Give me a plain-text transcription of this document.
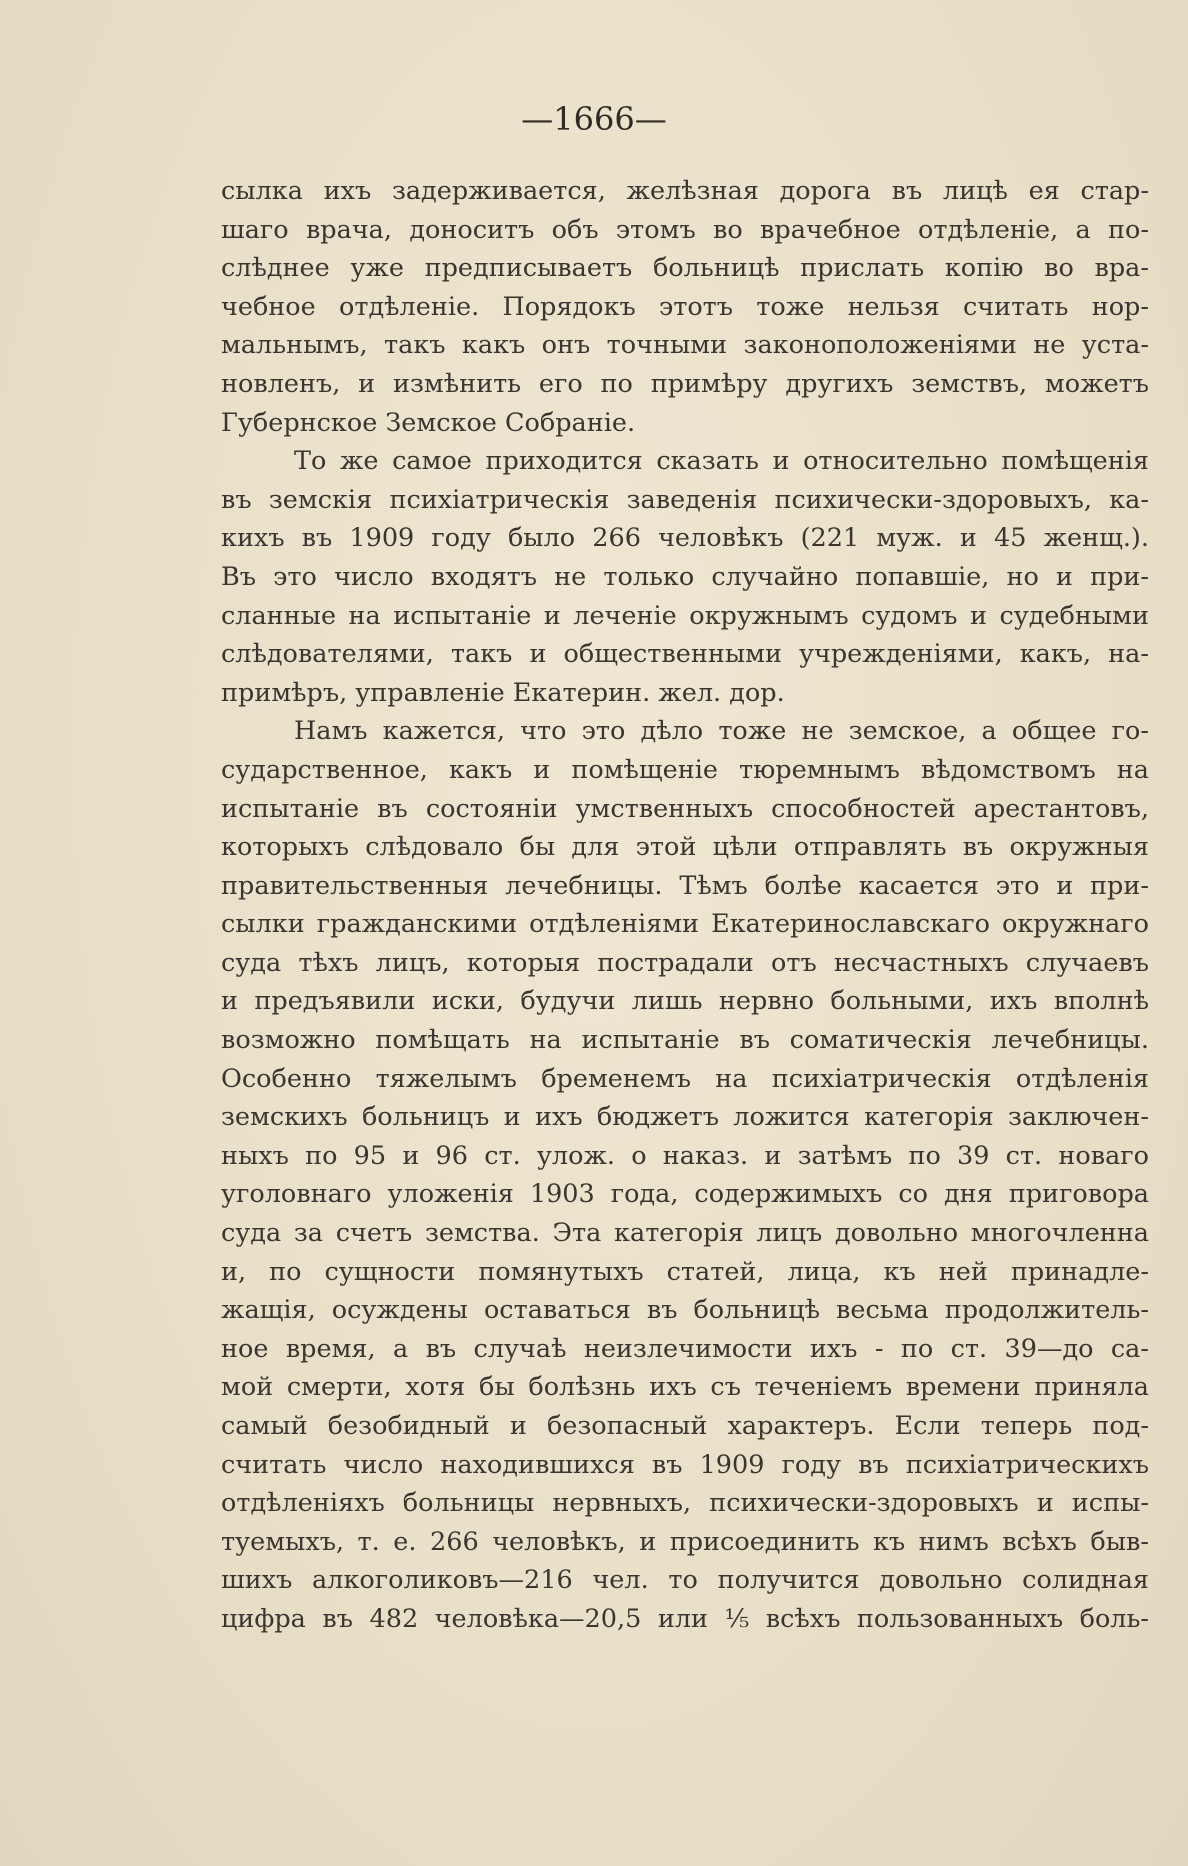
—1666—
сылка ихъ задерживается, желѣзная дорога въ лицѣ ея стар-
шаго врача, доноситъ объ этомъ во врачебное отдѣленіе, а по-
слѣднее уже предписываетъ больницѣ прислать копію во вра-
чебное отдѣленіе. Порядокъ этотъ тоже нельзя считать нор-
мальнымъ, такъ какъ онъ точными законоположеніями не уста-
новленъ, и измѣнить его по примѣру другихъ земствъ, можетъ
Губернское Земское Собраніе.
То же самое приходится сказать и относительно помѣщенія
въ земскія психіатрическія заведенія психически-здоровыхъ, ка-
кихъ въ 1909 году было 266 человѣкъ (221 муж. и 45 женщ.).
Въ это число входятъ не только случайно попавшіе, но и при-
сланные на испытаніе и леченіе окружнымъ судомъ и судебными
слѣдователями, такъ и общественными учрежденіями, какъ, на-
примѣръ, управленіе Екатерин. жел. дор.
Намъ кажется, что это дѣло тоже не земское, а общее го-
сударственное, какъ и помѣщеніе тюремнымъ вѣдомствомъ на
испытаніе въ состояніи умственныхъ способностей арестантовъ,
которыхъ слѣдовало бы для этой цѣли отправлять въ окружныя
правительственныя лечебницы. Тѣмъ болѣе касается это и при-
сылки гражданскими отдѣленіями Екатеринославскаго окружнаго
суда тѣхъ лицъ, которыя пострадали отъ несчастныхъ случаевъ
и предъявили иски, будучи лишь нервно больными, ихъ вполнѣ
возможно помѣщать на испытаніе въ соматическія лечебницы.
Особенно тяжелымъ бременемъ на психіатрическія отдѣленія
земскихъ больницъ и ихъ бюджетъ ложится категорія заключен-
ныхъ по 95 и 96 ст. улож. о наказ. и затѣмъ по 39 ст. новаго
уголовнаго уложенія 1903 года, содержимыхъ со дня приговора
суда за счетъ земства. Эта категорія лицъ довольно многочленна
и, по сущности помянутыхъ статей, лица, къ ней принадле-
жащія, осуждены оставаться въ больницѣ весьма продолжитель-
ное время, а въ случаѣ неизлечимости ихъ - по ст. 39—до са-
мой смерти, хотя бы болѣзнь ихъ съ теченіемъ времени приняла
самый безобидный и безопасный характеръ. Если теперь под-
считать число находившихся въ 1909 году въ психіатрическихъ
отдѣленіяхъ больницы нервныхъ, психически-здоровыхъ и испы-
туемыхъ, т. е. 266 человѣкъ, и присоединить къ нимъ всѣхъ быв-
шихъ алкоголиковъ—216 чел. то получится довольно солидная
цифра въ 482 человѣка—20,5 или ⅕ всѣхъ пользованныхъ боль-
